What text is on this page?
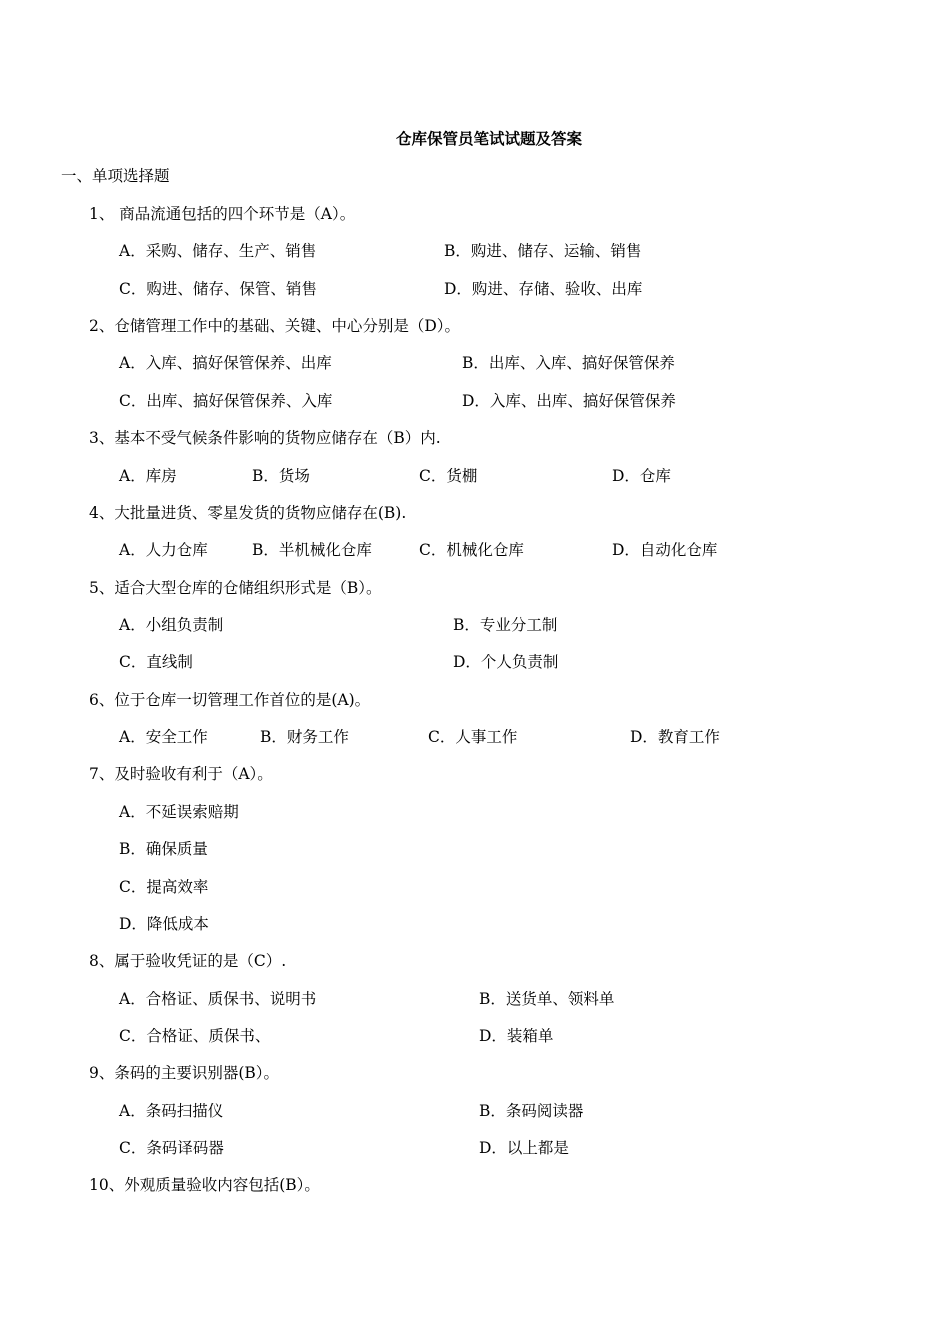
仓库保管员笔试试题及答案
一、单项选择题
1、 商品流通包括的四个环节是（A）。
A．采购、储存、生产、销售	B．购进、储存、运输、销售
C．购进、储存、保管、销售	D．购进、存储、验收、出库
2、仓储管理工作中的基础、关键、中心分别是（D）。
A．入库、搞好保管保养、出库	B．出库、入库、搞好保管保养
C．出库、搞好保管保养、入库	D．入库、出库、搞好保管保养
3、基本不受气候条件影响的货物应储存在（B）内.
A．库房	B．货场	C．货棚	D．仓库
4、大批量进货、零星发货的货物应储存在(B).
A．人力仓库	B．半机械化仓库	C．机械化仓库	D．自动化仓库
5、适合大型仓库的仓储组织形式是（B）。
A．小组负责制	B．专业分工制
C．直线制	D．个人负责制
6、位于仓库一切管理工作首位的是(A)。
A．安全工作	B．财务工作	C．人事工作	D．教育工作
7、及时验收有利于（A）。
A．不延误索赔期
B．确保质量
C．提高效率
D．降低成本
8、属于验收凭证的是（C）.
A．合格证、质保书、说明书	B．送货单、领料单
C．合格证、质保书、	D．装箱单
9、条码的主要识别器(B）。
A．条码扫描仪	B．条码阅读器
C．条码译码器	D．以上都是
10、外观质量验收内容包括(B）。
